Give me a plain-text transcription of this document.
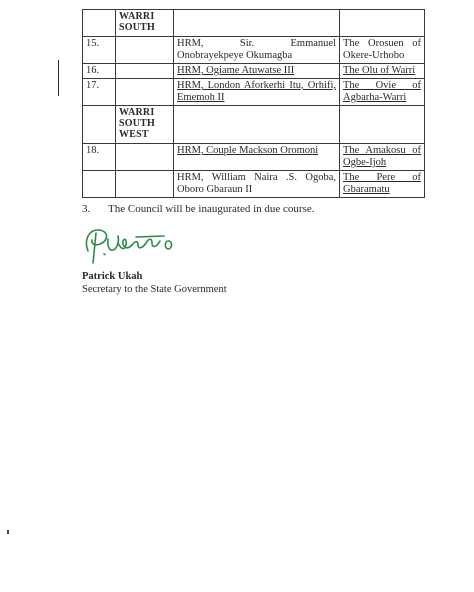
	WARRI SOUTH		
15.		HRM, Sir. Emmanuel Onobrayekpeye Okumagba	The Orosuen of Okere-Urhobo
16.		HRM, Ogiame Atuwatse III	The Olu of Warri
17.		HRM, London Aforkerhi Itu, Orhifi, Ememoh II	The Ovie of Agbarha-Warri
	WARRI SOUTH WEST		
18.		HRM, Couple Mackson Oromoni	The Amakosu of Ogbe-Ijoh
		HRM, William Naira .S. Ogoba, Oboro Gbaraun II	The Pere of Gbaramatu
3. The Council will be inaugurated in due course.
Patrick Ukah
Secretary to the State Government
